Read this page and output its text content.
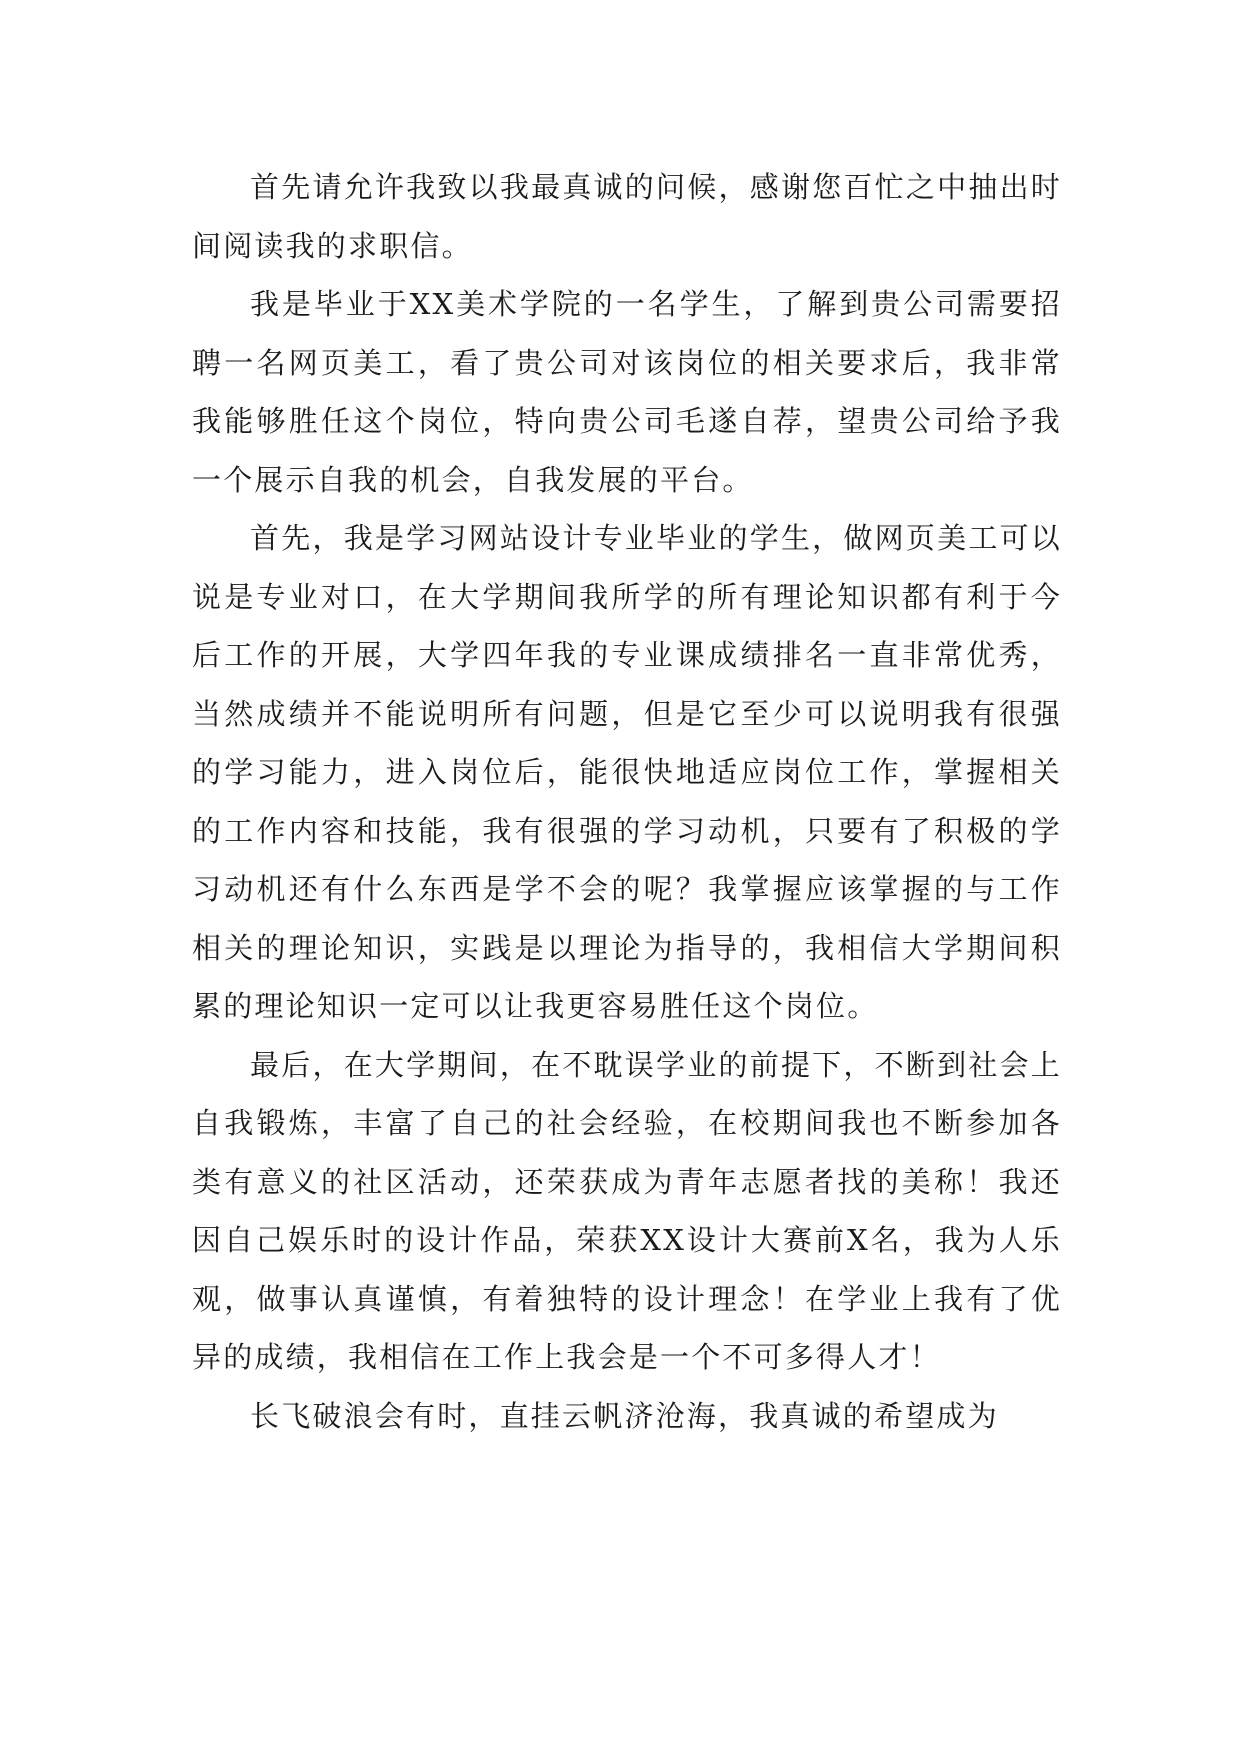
首先请允许我致以我最真诚的问候，感谢您百忙之中抽出时间阅读我的求职信。

我是毕业于XX美术学院的一名学生，了解到贵公司需要招聘一名网页美工，看了贵公司对该岗位的相关要求后，我非常我能够胜任这个岗位，特向贵公司毛遂自荐，望贵公司给予我一个展示自我的机会，自我发展的平台。

首先，我是学习网站设计专业毕业的学生，做网页美工可以说是专业对口，在大学期间我所学的所有理论知识都有利于今后工作的开展，大学四年我的专业课成绩排名一直非常优秀，当然成绩并不能说明所有问题，但是它至少可以说明我有很强的学习能力，进入岗位后，能很快地适应岗位工作，掌握相关的工作内容和技能，我有很强的学习动机，只要有了积极的学习动机还有什么东西是学不会的呢？我掌握应该掌握的与工作相关的理论知识，实践是以理论为指导的，我相信大学期间积累的理论知识一定可以让我更容易胜任这个岗位。

最后，在大学期间，在不耽误学业的前提下，不断到社会上自我锻炼，丰富了自己的社会经验，在校期间我也不断参加各类有意义的社区活动，还荣获成为青年志愿者找的美称！我还因自己娱乐时的设计作品，荣获XX设计大赛前X名，我为人乐观，做事认真谨慎，有着独特的设计理念！在学业上我有了优异的成绩，我相信在工作上我会是一个不可多得人才！

长飞破浪会有时，直挂云帆济沧海，我真诚的希望成为
